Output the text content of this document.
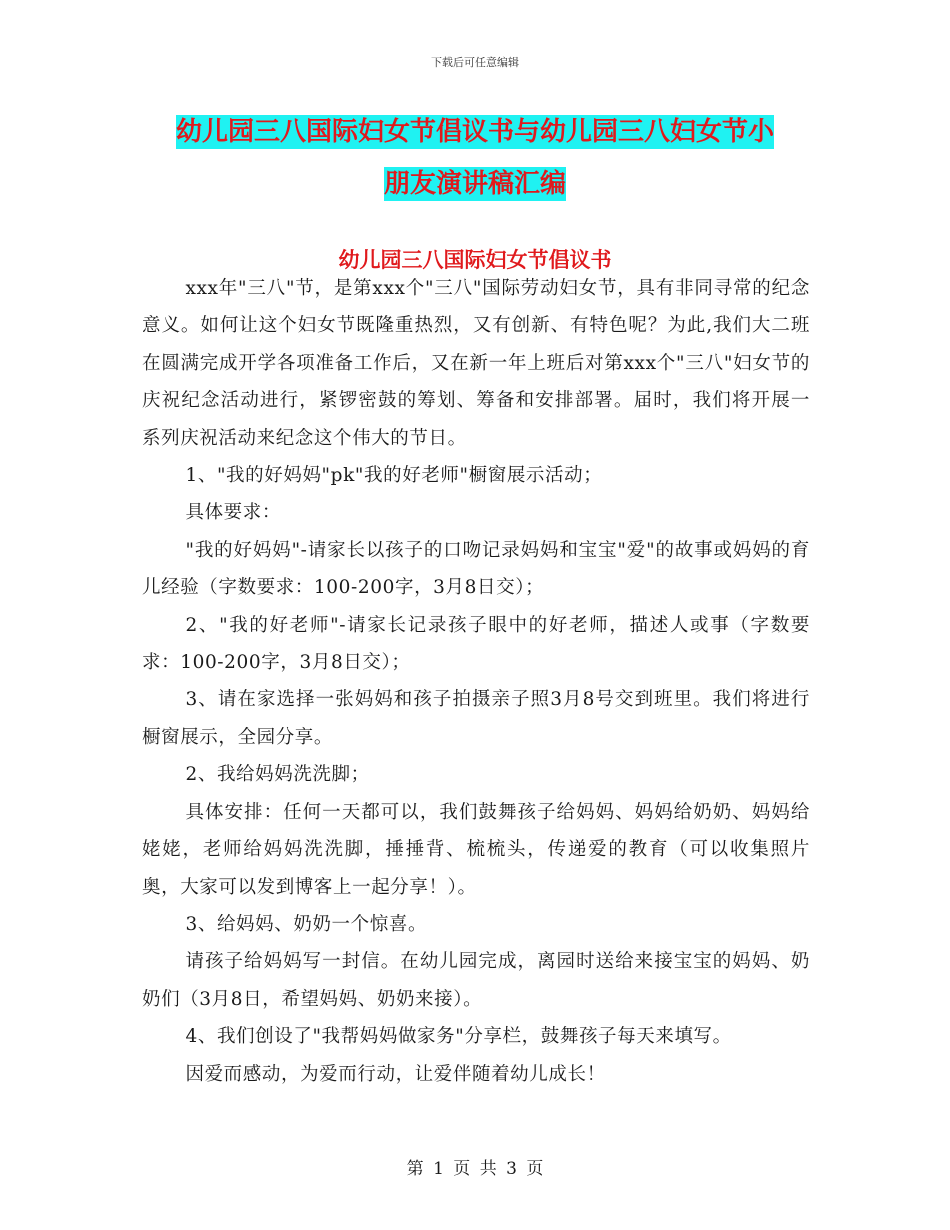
下载后可任意编辑
幼儿园三八国际妇女节倡议书与幼儿园三八妇女节小
朋友演讲稿汇编
幼儿园三八国际妇女节倡议书

xxx年"三八"节，是第xxx个"三八"国际劳动妇女节，具有非同寻常的纪念意义。如何让这个妇女节既隆重热烈，又有创新、有特色呢？为此,我们大二班在圆满完成开学各项准备工作后，又在新一年上班后对第xxx个"三八"妇女节的庆祝纪念活动进行，紧锣密鼓的筹划、筹备和安排部署。届时，我们将开展一系列庆祝活动来纪念这个伟大的节日。

1、"我的好妈妈"pk"我的好老师"橱窗展示活动；

具体要求：

"我的好妈妈"-请家长以孩子的口吻记录妈妈和宝宝"爱"的故事或妈妈的育儿经验（字数要求：100-200字，3月8日交）；

2、"我的好老师"-请家长记录孩子眼中的好老师，描述人或事（字数要求：100-200字，3月8日交）；

3、请在家选择一张妈妈和孩子拍摄亲子照3月8号交到班里。我们将进行橱窗展示，全园分享。

2、我给妈妈洗洗脚；

具体安排：任何一天都可以，我们鼓舞孩子给妈妈、妈妈给奶奶、妈妈给姥姥，老师给妈妈洗洗脚，捶捶背、梳梳头，传递爱的教育（可以收集照片奥，大家可以发到博客上一起分享！）。

3、给妈妈、奶奶一个惊喜。

请孩子给妈妈写一封信。在幼儿园完成，离园时送给来接宝宝的妈妈、奶奶们（3月8日，希望妈妈、奶奶来接）。

4、我们创设了"我帮妈妈做家务"分享栏，鼓舞孩子每天来填写。

因爱而感动，为爱而行动，让爱伴随着幼儿成长！

第 1 页 共 3 页
